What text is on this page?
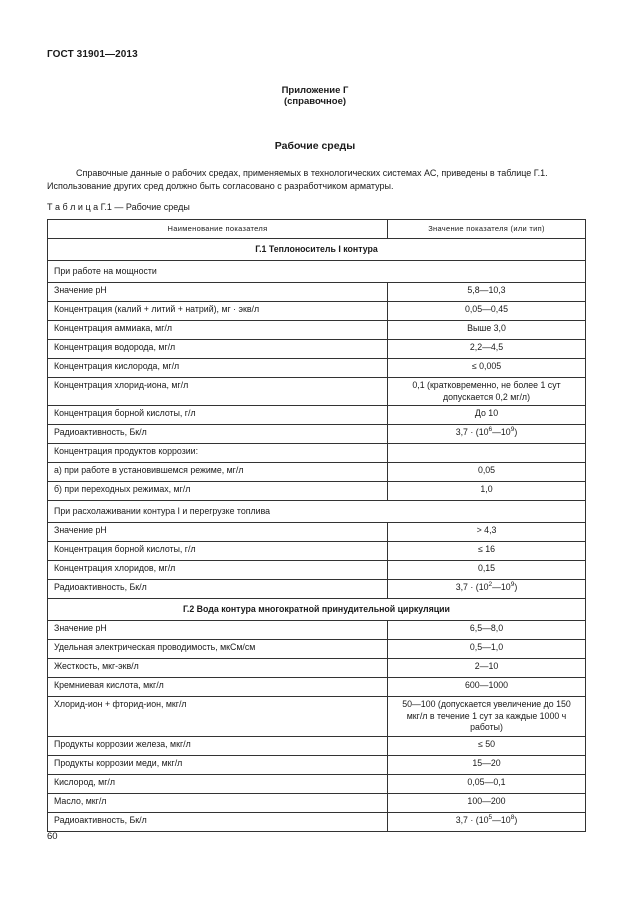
ГОСТ 31901—2013
Приложение Г
(справочное)
Рабочие среды
Справочные данные о рабочих средах, применяемых в технологических системах АС, приведены в таблице Г.1. Использование других сред должно быть согласовано с разработчиком арматуры.
Т а б л и ц а Г.1 — Рабочие среды
Наименование показателя	Значение показателя (или тип)
Г.1 Теплоноситель I контура	
При работе на мощности	
Значение pH	5,8—10,3
Концентрация (калий + литий + натрий), мг · экв/л	0,05—0,45
Концентрация аммиака, мг/л	Выше 3,0
Концентрация водорода, мг/л	2,2—4,5
Концентрация кислорода, мг/л	≤ 0,005
Концентрация хлорид-иона, мг/л	0,1 (кратковременно, не более 1 сут допускается 0,2 мг/л)
Концентрация борной кислоты, г/л	До 10
Радиоактивность, Бк/л	$3,7 \cdot (10^6—10^9)$
Концентрация продуктов коррозии:	
а) при работе в установившемся режиме, мг/л	0,05
б) при переходных режимах, мг/л	1,0
При расхолаживании контура I и перегрузке топлива	
Значение pH	> 4,3
Концентрация борной кислоты, г/л	≤ 16
Концентрация хлоридов, мг/л	0,15
Радиоактивность, Бк/л	$3,7 \cdot (10^2—10^9)$
Г.2 Вода контура многократной принудительной циркуляции	
Значение pH	6,5—8,0
Удельная электрическая проводимость, мкСм/см	0,5—1,0
Жесткость, мкг-экв/л	2—10
Кремниевая кислота, мкг/л	600—1000
Хлорид-ион + фторид-ион, мкг/л	50—100 (допускается увеличение до 150 мкг/л в течение 1 сут за каждые 1000 ч работы)
Продукты коррозии железа, мкг/л	≤ 50
Продукты коррозии меди, мкг/л	15—20
Кислород, мг/л	0,05—0,1
Масло, мкг/л	100—200
Радиоактивность, Бк/л	$3,7 \cdot (10^5—10^8)$
60
